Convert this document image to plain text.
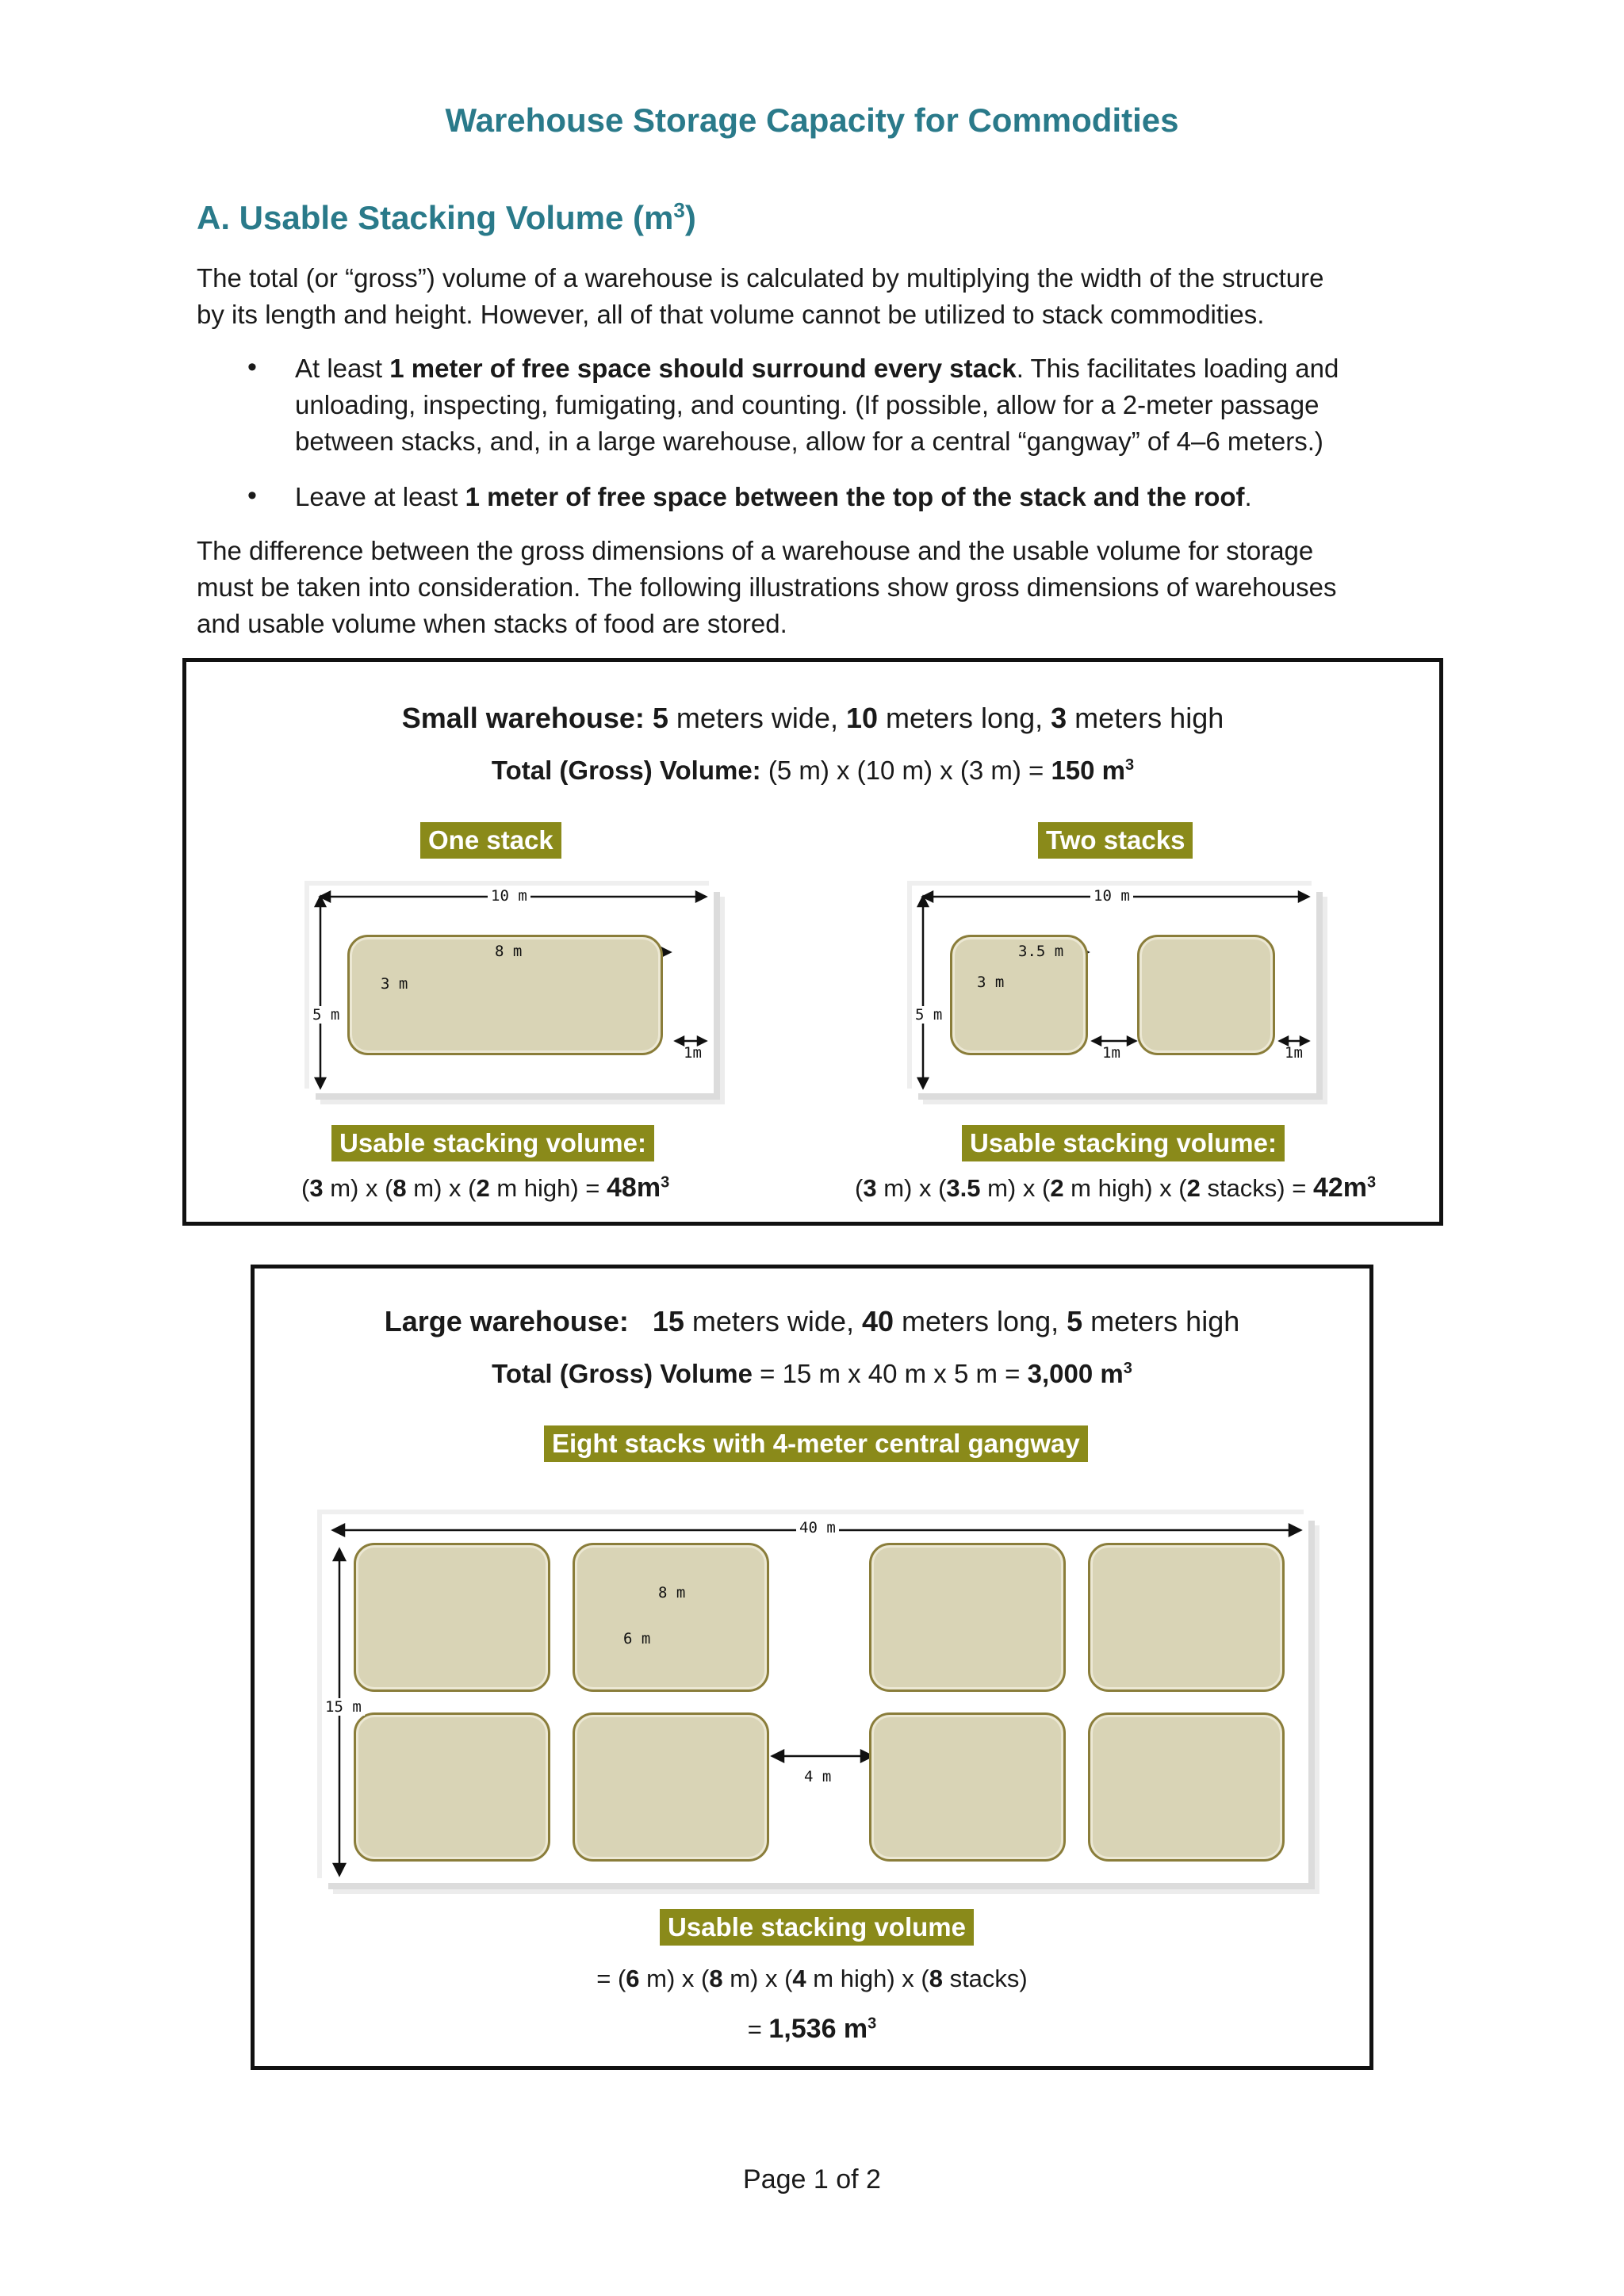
Warehouse Storage Capacity for Commodities
A. Usable Stacking Volume $(m^3)$
The total (or “gross”) volume of a warehouse is calculated by multiplying the width of the structure
by its length and height. However, all of that volume cannot be utilized to stack commodities.
• At least 1 meter of free space should surround every stack. This facilitates loading and
unloading, inspecting, fumigating, and counting. (If possible, allow for a 2-meter passage
between stacks, and, in a large warehouse, allow for a central “gangway” of 4–6 meters.)
• Leave at least 1 meter of free space between the top of the stack and the roof.
The difference between the gross dimensions of a warehouse and the usable volume for storage
must be taken into consideration. The following illustrations show gross dimensions of warehouses
and usable volume when stacks of food are stored.
Small warehouse: 5 meters wide, 10 meters long, 3 meters high
Total (Gross) Volume: (5 m) x (10 m) x (3 m) = 150 $m^3$
One stack	Two stacks
10 m
8 m
3 m
5 m
1m
10 m
3.5 m
3 m
5 m
1m	1m
Usable stacking volume:	Usable stacking volume:
(3 m) x (8 m) x (2 m high) = $48m^3$	(3 m) x (3.5 m) x (2 m high) x (2 stacks) = $42m^3$
Large warehouse: 15 meters wide, 40 meters long, 5 meters high
Total (Gross) Volume = 15 m x 40 m x 5 m = 3,000 $m^3$
Eight stacks with 4-meter central gangway
40 m
8 m
6 m
15 m
4 m
Usable stacking volume
= (6 m) x (8 m) x (4 m high) x (8 stacks)
= 1,536 $m^3$
Page 1 of 2
